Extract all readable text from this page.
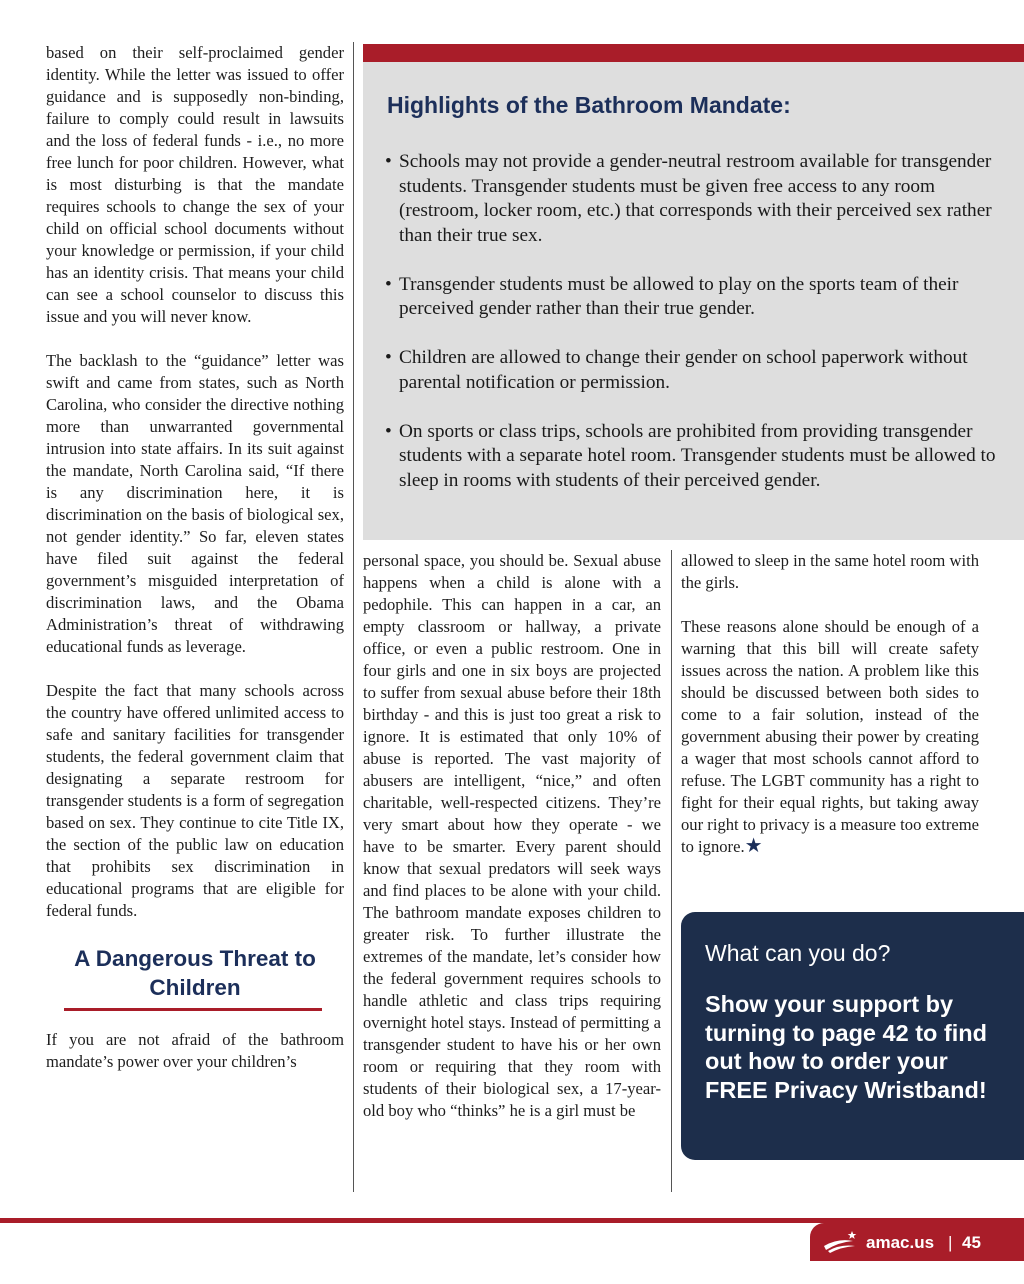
based on their self-proclaimed gender identity. While the letter was issued to offer guidance and is supposedly non-binding, failure to comply could result in lawsuits and the loss of federal funds - i.e., no more free lunch for poor children. However, what is most disturbing is that the mandate requires schools to change the sex of your child on official school documents without your knowledge or permission, if your child has an identity crisis. That means your child can see a school counselor to discuss this issue and you will never know.

The backlash to the “guidance” letter was swift and came from states, such as North Carolina, who consider the directive nothing more than unwarranted governmental intrusion into state affairs. In its suit against the mandate, North Carolina said, “If there is any discrimination here, it is discrimination on the basis of biological sex, not gender identity.” So far, eleven states have filed suit against the federal government’s misguided interpretation of discrimination laws, and the Obama Administration’s threat of withdrawing educational funds as leverage.

Despite the fact that many schools across the country have offered unlimited access to safe and sanitary facilities for transgender students, the federal government claim that designating a separate restroom for transgender students is a form of segregation based on sex. They continue to cite Title IX, the section of the public law on education that prohibits sex discrimination in educational programs that are eligible for federal funds.

A Dangerous Threat to Children

If you are not afraid of the bathroom mandate’s power over your children’s

Highlights of the Bathroom Mandate:
• Schools may not provide a gender-neutral restroom available for transgender students. Transgender students must be given free access to any room (restroom, locker room, etc.) that corresponds with their perceived sex rather than their true sex.
• Transgender students must be allowed to play on the sports team of their perceived gender rather than their true gender.
• Children are allowed to change their gender on school paperwork without parental notification or permission.
• On sports or class trips, schools are prohibited from providing transgender students with a separate hotel room. Transgender students must be allowed to sleep in rooms with students of their perceived gender.

personal space, you should be. Sexual abuse happens when a child is alone with a pedophile. This can happen in a car, an empty classroom or hallway, a private office, or even a public restroom. One in four girls and one in six boys are projected to suffer from sexual abuse before their 18th birthday - and this is just too great a risk to ignore. It is estimated that only 10% of abuse is reported. The vast majority of abusers are intelligent, “nice,” and often charitable, well-respected citizens. They’re very smart about how they operate - we have to be smarter. Every parent should know that sexual predators will seek ways and find places to be alone with your child. The bathroom mandate exposes children to greater risk. To further illustrate the extremes of the mandate, let’s consider how the federal government requires schools to handle athletic and class trips requiring overnight hotel stays. Instead of permitting a transgender student to have his or her own room or requiring that they room with students of their biological sex, a 17-year-old boy who “thinks” he is a girl must be

allowed to sleep in the same hotel room with the girls.

These reasons alone should be enough of a warning that this bill will create safety issues across the nation. A problem like this should be discussed between both sides to come to a fair solution, instead of the government abusing their power by creating a wager that most schools cannot afford to refuse. The LGBT community has a right to fight for their equal rights, but taking away our right to privacy is a measure too extreme to ignore.★

What can you do?
Show your support by turning to page 42 to find out how to order your FREE Privacy Wristband!
amac.us | 45
